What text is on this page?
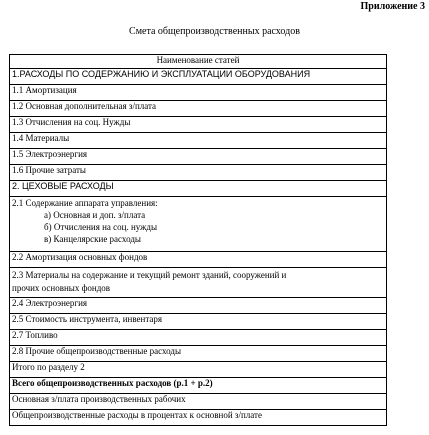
Приложение 3
Смета общепроизводственных расходов
Наименование статей
1.РАСХОДЫ ПО СОДЕРЖАНИЮ И ЭКСПЛУАТАЦИИ ОБОРУДОВАНИЯ
1.1 Амортизация
1.2 Основная дополнительная з/плата
1.3 Отчисления на соц. Нужды
1.4 Материалы
1.5 Электроэнергия
1.6 Прочие затраты
2. ЦЕХОВЫЕ РАСХОДЫ

2.1 Содержание аппарата управления:
а) Основная и доп. з/плата
б) Отчисления на соц. нужды
в) Канцелярские расходы

2.2 Амортизация основных фондов

2.3 Материалы на содержание и текущий ремонт зданий, сооружений и
прочих основных фондов

2.4 Электроэнергия
2.5 Стоимость инструмента, инвентаря
2.7 Топливо
2.8 Прочие общепроизводственные расходы
Итого по разделу 2
Всего общепроизводственных расходов (р.1 + р.2)
Основная з/плата производственных рабочих
Общепроизводственные расходы в процентах к основной з/плате
